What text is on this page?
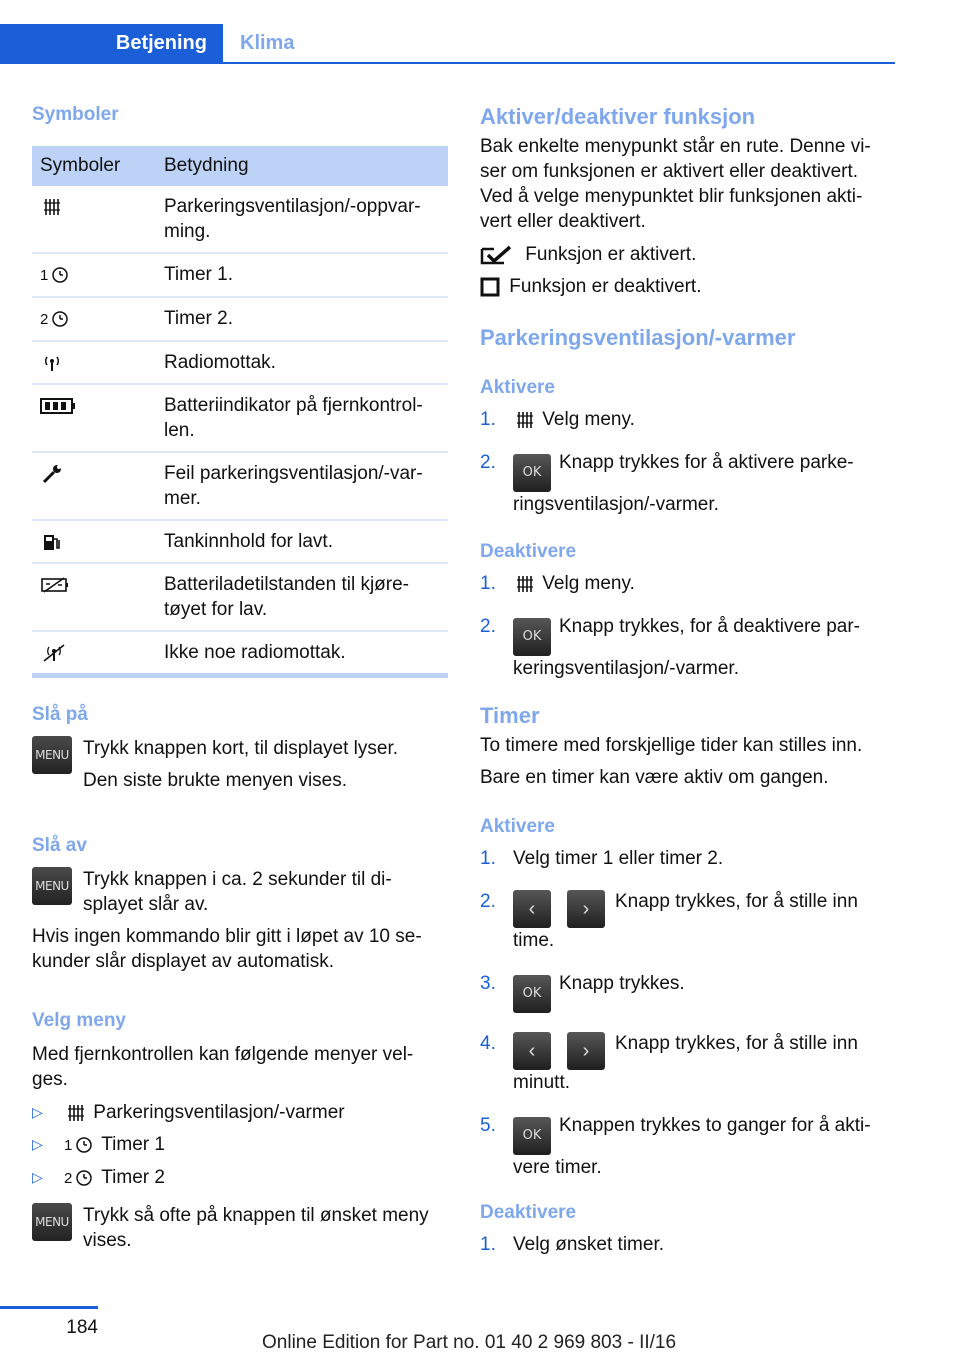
Betjening	Klima
Symboler
Symboler	Betydning
	Parkeringsventilasjon/-oppvar-ming.
1	Timer 1.
2	Timer 2.
	Radiomottak.
	Batteriindikator på fjernkontrol-len.
	Feil parkeringsventilasjon/-var-mer.
	Tankinnhold for lavt.
	Batteriladetilstanden til kjøre-tøyet for lav.
	Ikke noe radiomottak.
Slå på
MENU Trykk knappen kort, til displayet lyser.

Den siste brukte menyen vises.

Slå av
MENU Trykk knappen i ca. 2 sekunder til di-splayet slår av.

Hvis ingen kommando blir gitt i løpet av 10 se-kunder slår displayet av automatisk.

Velg meny

Med fjernkontrollen kan følgende menyer vel-ges.

▷	Parkeringsventilasjon/-varmer
▷ 1 Timer 1
▷ 2 Timer 2
MENU Trykk så ofte på knappen til ønsket meny vises.

Aktiver/deaktiver funksjon

Bak enkelte menypunkt står en rute. Denne vi-ser om funksjonen er aktivert eller deaktivert. Ved å velge menypunktet blir funksjonen akti-vert eller deaktivert.

Funksjon er aktivert.

Funksjon er deaktivert.

Parkeringsventilasjon/-varmer
Aktivere
1. Velg meny.
2. OK Knapp trykkes for å aktivere parke-ringsventilasjon/-varmer.
Deaktivere
1. Velg meny.
2. OK Knapp trykkes, for å deaktivere par-keringsventilasjon/-varmer.
Timer

To timere med forskjellige tider kan stilles inn.

Bare en timer kan være aktiv om gangen.

Aktivere
1. Velg timer 1 eller timer 2.
2. ‹ › Knapp trykkes, for å stille inn time.
3. OK Knapp trykkes.
4. ‹ › Knapp trykkes, for å stille inn minutt.
5. OK Knappen trykkes to ganger for å akti-vere timer.
Deaktivere
1. Velg ønsket timer.
184
Online Edition for Part no. 01 40 2 969 803 - II/16
